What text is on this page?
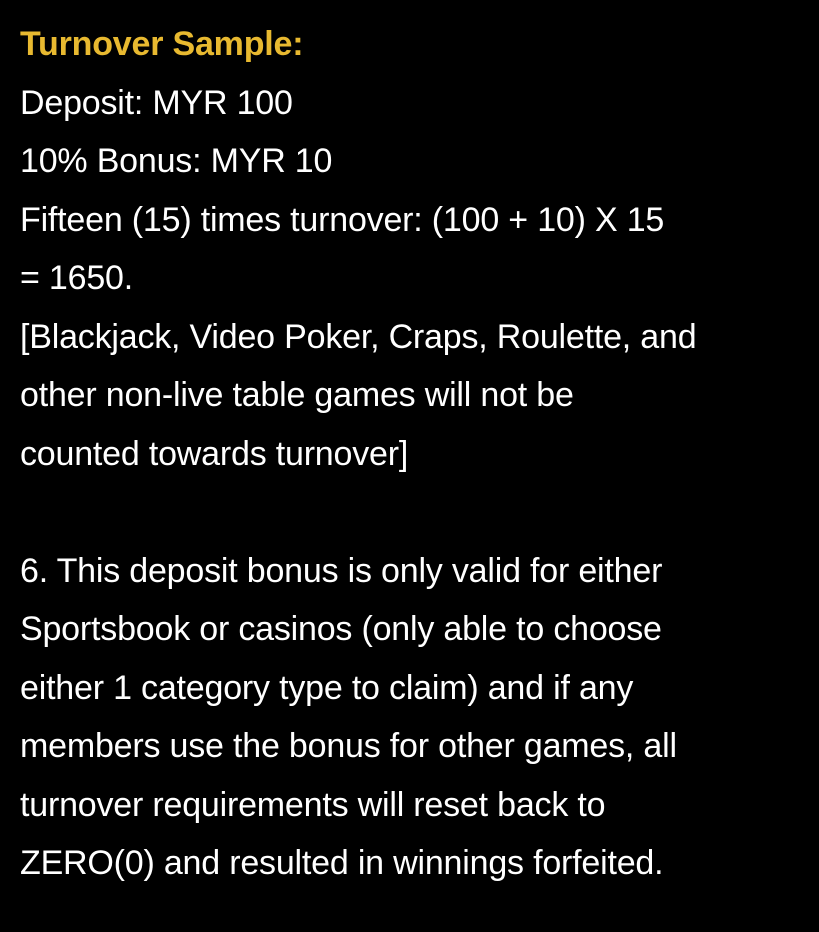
Turnover Sample:
Deposit: MYR 100
10% Bonus: MYR 10
Fifteen (15) times turnover: (100 + 10) X 15
= 1650.
[Blackjack, Video Poker, Craps, Roulette, and
other non-live table games will not be
counted towards turnover]
6. This deposit bonus is only valid for either
Sportsbook or casinos (only able to choose
either 1 category type to claim) and if any
members use the bonus for other games, all
turnover requirements will reset back to
ZERO(0) and resulted in winnings forfeited.
